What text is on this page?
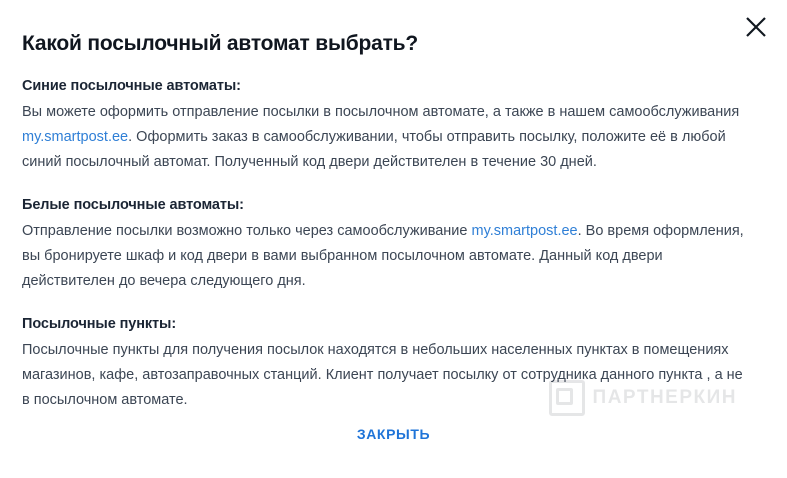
Какой посылочный автомат выбрать?
Синие посылочные автоматы:

Вы можете оформить отправление посылки в посылочном автомате, а также в нашем самообслуживания my.smartpost.ee. Оформить заказ в самообслуживании, чтобы отправить посылку, положите её в любой синий посылочный автомат. Полученный код двери действителен в течение 30 дней.

Белые посылочные автоматы:

Отправление посылки возможно только через самообслуживание my.smartpost.ee. Во время оформления, вы бронируете шкаф и код двери в вами выбранном посылочном автомате. Данный код двери действителен до вечера следующего дня.

Посылочные пункты:

Посылочные пункты для получения посылок находятся в небольших населенных пунктах в помещениях магазинов, кафе, автозаправочных станций. Клиент получает посылку от сотрудника данного пункта , а не в посылочном автомате.	ПАРТНЕРКИН
ЗАКРЫТЬ
